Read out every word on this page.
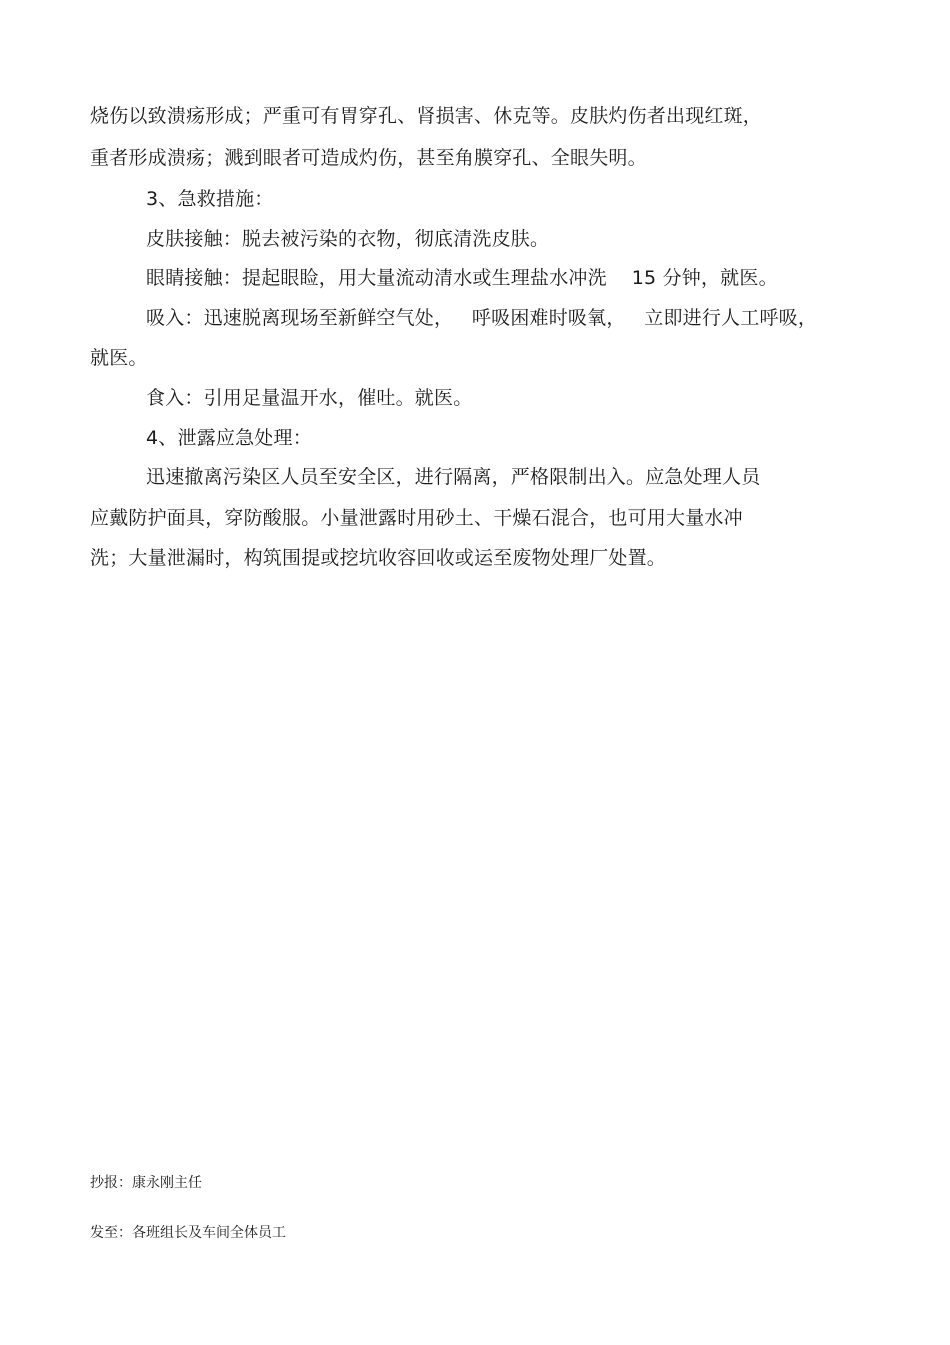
烧伤以致溃疡形成；严重可有胃穿孔、肾损害、休克等。皮肤灼伤者出现红斑，
重者形成溃疡；溅到眼者可造成灼伤，甚至角膜穿孔、全眼失明。
3、急救措施：
皮肤接触：脱去被污染的衣物，彻底清洗皮肤。
眼睛接触：提起眼睑，用大量流动清水或生理盐水冲洗    15 分钟，就医。
吸入：迅速脱离现场至新鲜空气处，   呼吸困难时吸氧，   立即进行人工呼吸，
就医。
食入：引用足量温开水，催吐。就医。
4、泄露应急处理：
迅速撤离污染区人员至安全区，进行隔离，严格限制出入。应急处理人员
应戴防护面具，穿防酸服。小量泄露时用砂土、干燥石混合，也可用大量水冲
洗；大量泄漏时，构筑围提或挖坑收容回收或运至废物处理厂处置。
抄报：康永刚主任
发至：各班组长及车间全体员工
